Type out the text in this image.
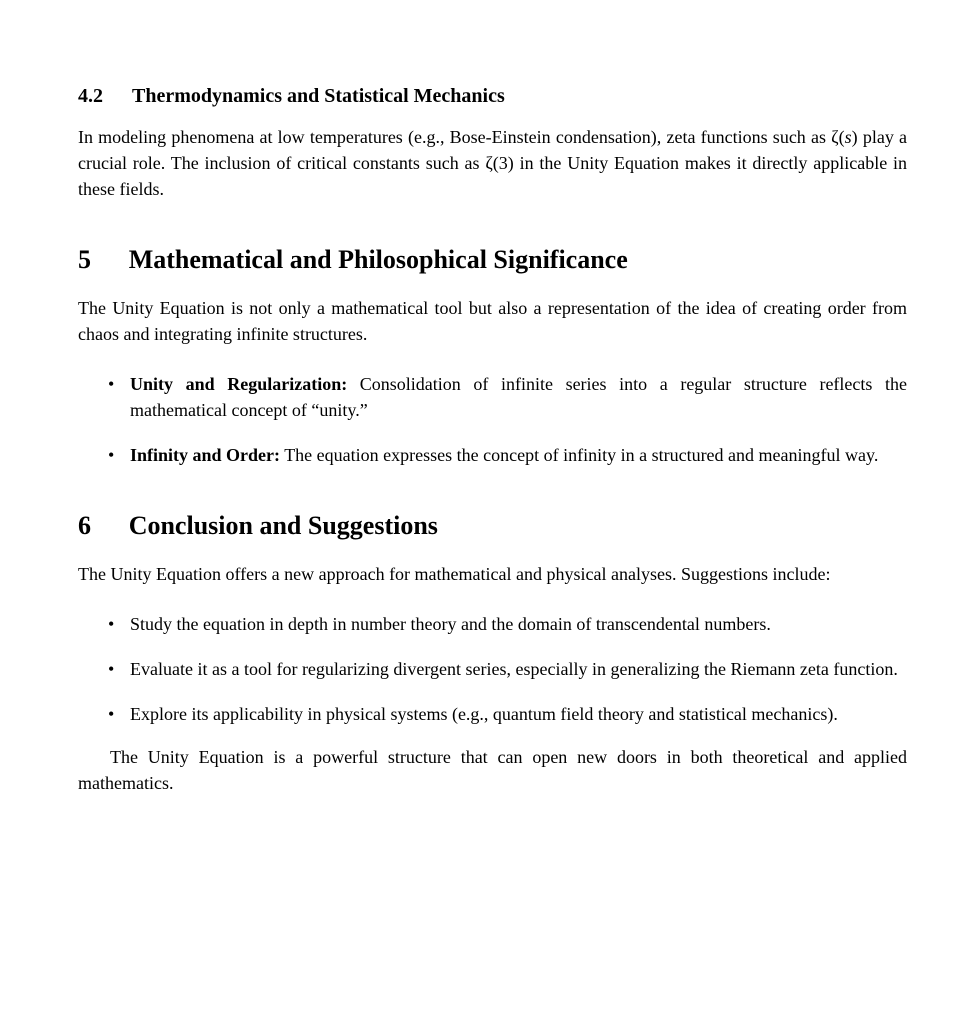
4.2 Thermodynamics and Statistical Mechanics

In modeling phenomena at low temperatures (e.g., Bose-Einstein condensation), zeta functions such as ζ(s) play a crucial role. The inclusion of critical constants such as ζ(3) in the Unity Equation makes it directly applicable in these fields.

5 Mathematical and Philosophical Significance

The Unity Equation is not only a mathematical tool but also a representation of the idea of creating order from chaos and integrating infinite structures.

• Unity and Regularization: Consolidation of infinite series into a regular structure reflects the mathematical concept of “unity.”
• Infinity and Order: The equation expresses the concept of infinity in a structured and meaningful way.
6 Conclusion and Suggestions

The Unity Equation offers a new approach for mathematical and physical analyses. Suggestions include:

• Study the equation in depth in number theory and the domain of transcendental numbers.
• Evaluate it as a tool for regularizing divergent series, especially in generalizing the Riemann zeta function.
• Explore its applicability in physical systems (e.g., quantum field theory and statistical mechanics).

The Unity Equation is a powerful structure that can open new doors in both theoretical and applied mathematics.
